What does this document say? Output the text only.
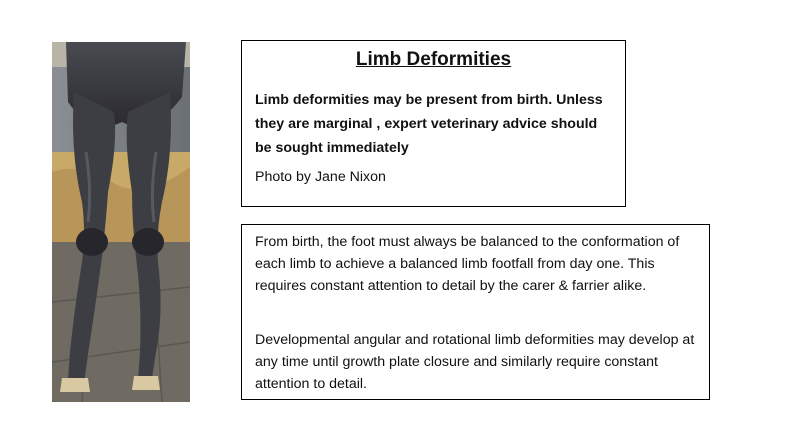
Limb Deformities
Limb deformities may be present from birth. Unless they are marginal , expert veterinary advice should be sought immediately
Photo by Jane Nixon
From birth, the foot must always be balanced to the conformation of each limb to achieve a balanced limb footfall from day one. This requires constant attention to detail by the carer & farrier alike.
Developmental angular and rotational limb deformities may develop at any time until growth plate closure and similarly require constant attention to detail.
